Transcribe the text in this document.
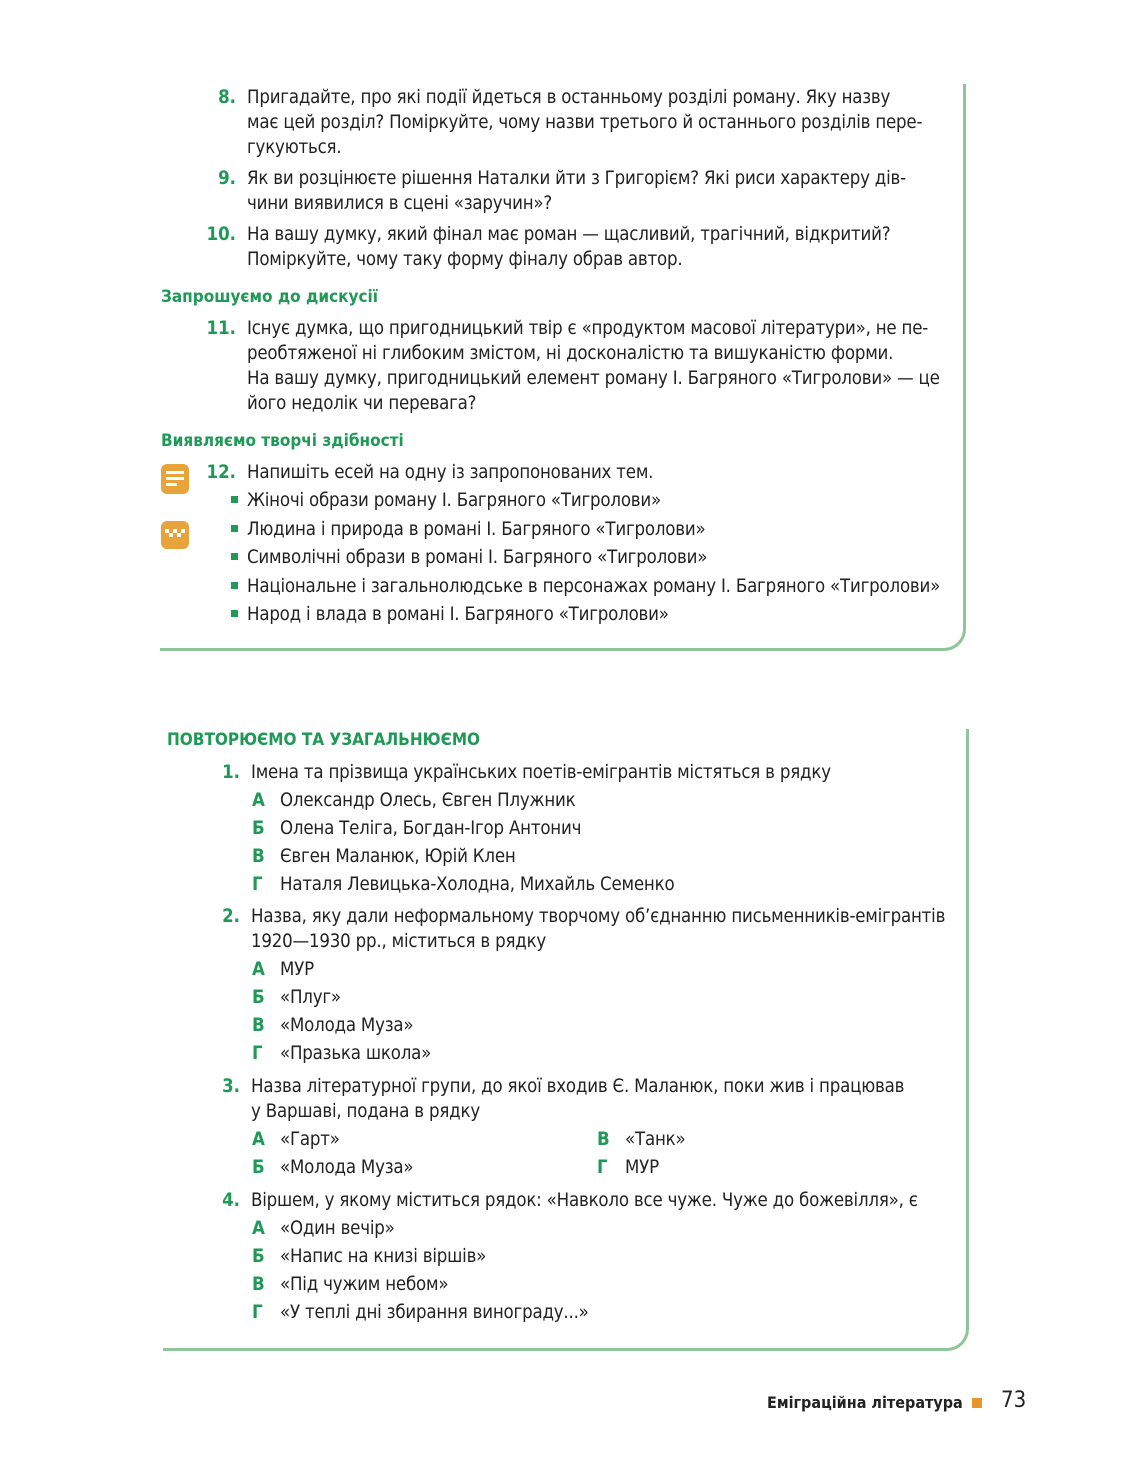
8. Пригадайте, про які події йдеться в останньому розділі роману. Яку назву
має цей розділ? Поміркуйте, чому назви третього й останнього розділів пере-
гукуються.
9. Як ви розцінюєте рішення Наталки йти з Григорієм? Які риси характеру дів-
чини виявилися в сцені «заручин»?
10. На вашу думку, який фінал має роман — щасливий, трагічний, відкритий?
Поміркуйте, чому таку форму фіналу обрав автор.
Запрошуємо до дискусії
11. Існує думка, що пригодницький твір є «продуктом масової літератури», не пе-
реобтяженої ні глибоким змістом, ні досконалістю та вишуканістю форми.
На вашу думку, пригодницький елемент роману І. Багряного «Тигролови» — це
його недолік чи перевага?
Виявляємо творчі здібності
12. Напишіть есей на одну із запропонованих тем.
Жіночі образи роману І. Багряного «Тигролови»
Людина і природа в романі І. Багряного «Тигролови»
Символічні образи в романі І. Багряного «Тигролови»
Національне і загальнолюдське в персонажах роману І. Багряного «Тигролови»
Народ і влада в романі І. Багряного «Тигролови»
ПОВТОРЮЄМО ТА УЗАГАЛЬНЮЄМО
1. Імена та прізвища українських поетів-емігрантів містяться в рядку
А Олександр Олесь, Євген Плужник
Б Олена Теліга, Богдан-Ігор Антонич
В Євген Маланюк, Юрій Клен
Г Наталя Левицька-Холодна, Михайль Семенко
2. Назва, яку дали неформальному творчому об’єднанню письменників-емігрантів
1920—1930 рр., міститься в рядку
А МУР
Б «Плуг»
В «Молода Муза»
Г «Празька школа»
3. Назва літературної групи, до якої входив Є. Маланюк, поки жив і працював
у Варшаві, подана в рядку
А «Гарт»
Б «Молода Муза»
В «Танк»
Г МУР
4. Віршем, у якому міститься рядок: «Навколо все чуже. Чуже до божевілля», є
А «Один вечір»
Б «Напис на книзі віршів»
В «Під чужим небом»
Г «У теплі дні збирання винограду...»
Еміграційна література 73
